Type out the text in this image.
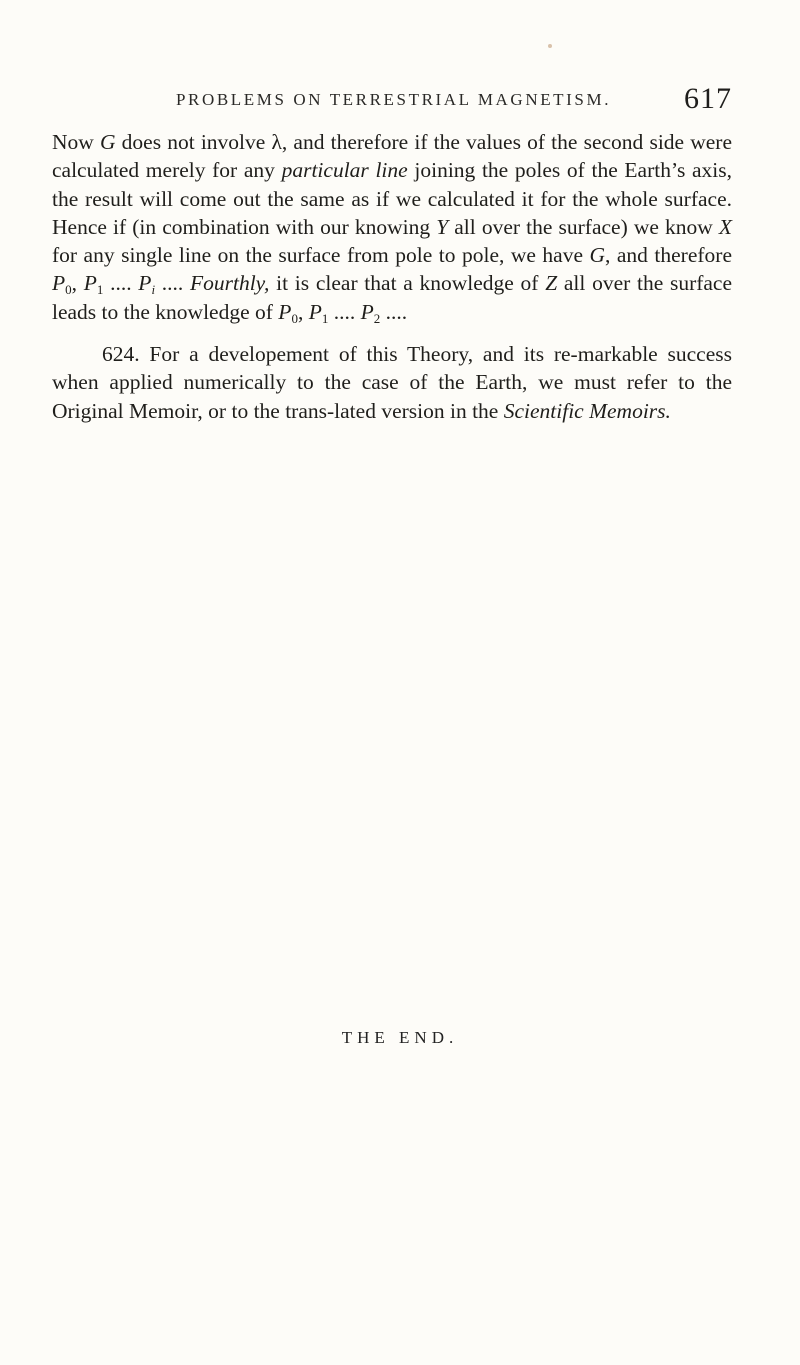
PROBLEMS ON TERRESTRIAL MAGNETISM. 617

Now G does not involve λ, and therefore if the values of the second side were calculated merely for any particular line joining the poles of the Earth’s axis, the result will come out the same as if we calculated it for the whole surface. Hence if (in combination with our knowing Y all over the surface) we know X for any single line on the surface from pole to pole, we have G, and therefore $P_0$, $P_1$ .... $P_i$ .... Fourthly, it is clear that a knowledge of Z all over the surface leads to the knowledge of $P_0$, $P_1$ .... $P_2$ ....

624. For a developement of this Theory, and its re-markable success when applied numerically to the case of the Earth, we must refer to the Original Memoir, or to the trans-lated version in the Scientific Memoirs.

THE END.
